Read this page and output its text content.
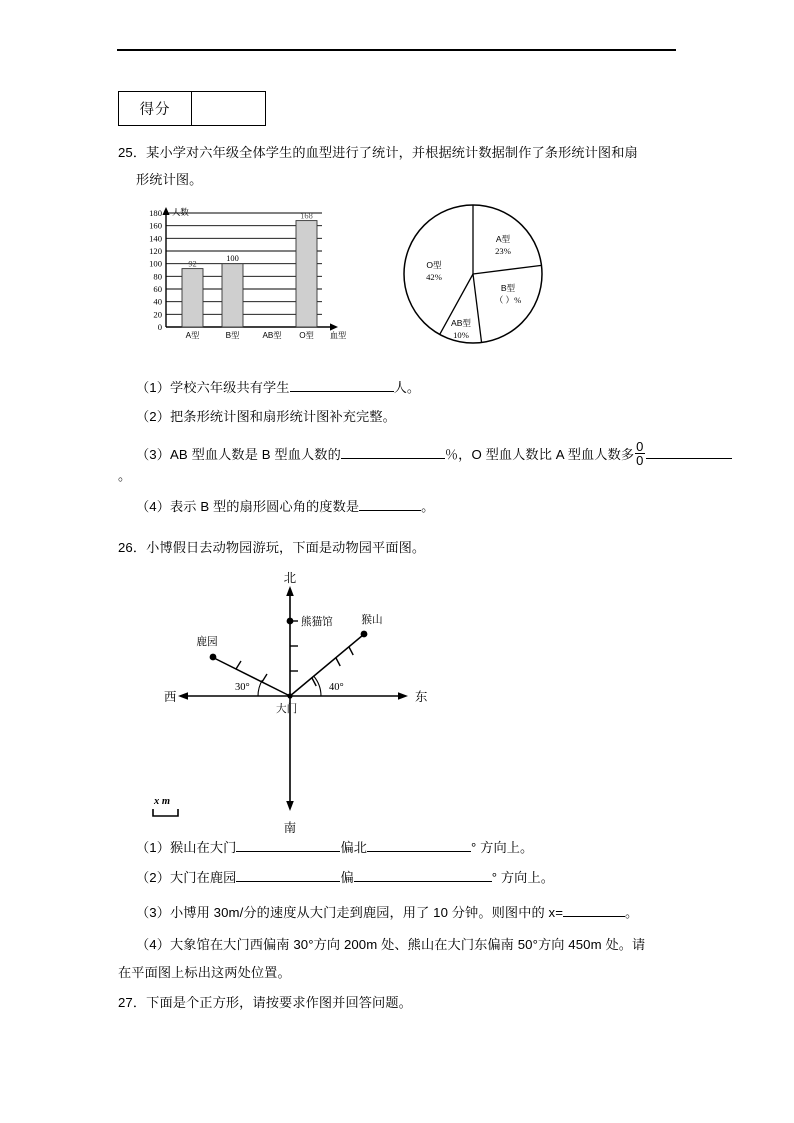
得分
25．某小学对六年级全体学生的血型进行了统计，并根据统计数据制作了条形统计图和扇
形统计图。
0
20
40
60
80
100
120
140
160
180 人数
92
100
168
A型	B型	AB型 O型 血型
A型
23%
B型
（ ）%
AB型
10%
O型
42%
（1）学校六年级共有学生	人。
（2）把条形统计图和扇形统计图补充完整。
（3）AB 型血人数是 B 型血人数的	％，O 型血人数比 A 型血人数多 $\frac{0}{0}$
。
（4）表示 B 型的扇形圆心角的度数是	。
26．小博假日去动物园游玩，下面是动物园平面图。
40°
猴山
30°
鹿园
熊猫馆
北
南
西	东
大门
x m
（1）猴山在大门	偏北	° 方向上。
（2）大门在鹿园	偏	° 方向上。
（3）小博用 30m/分的速度从大门走到鹿园，用了 10 分钟。则图中的 x=	。
（4）大象馆在大门西偏南 30°方向 200m 处、熊山在大门东偏南 50°方向 450m 处。请
在平面图上标出这两处位置。
27．下面是个正方形，请按要求作图并回答问题。
